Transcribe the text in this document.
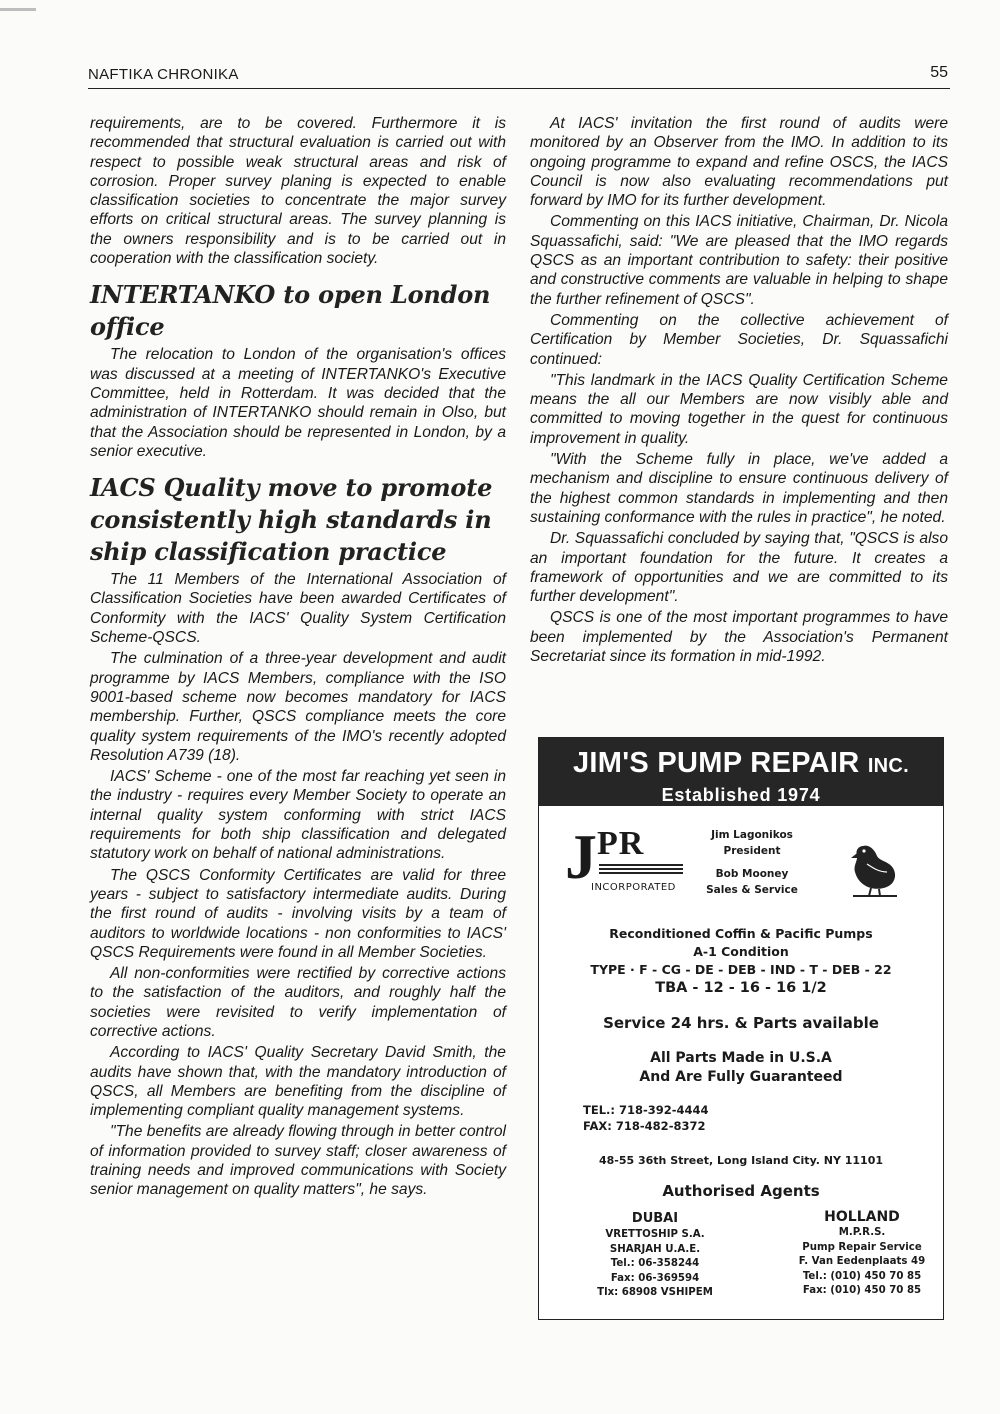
NAFTIKA CHRONIKA	55

requirements, are to be covered. Furthermore it is recommended that structural evaluation is carried out with respect to possible weak structural areas and risk of corrosion. Proper survey planing is expected to enable classification societies to concentrate the major survey efforts on critical structural areas. The survey planning is the owners responsibility and is to be carried out in cooperation with the classification society.

INTERTANKO to open London office

The relocation to London of the organisation's offices was discussed at a meeting of INTERTANKO's Executive Committee, held in Rotterdam. It was decided that the administration of INTERTANKO should remain in Olso, but that the Association should be represented in London, by a senior executive.

IACS Quality move to promote consistently high standards in ship classification practice

The 11 Members of the International Association of Classification Societies have been awarded Certificates of Conformity with the IACS' Quality System Certification Scheme-QSCS.

The culmination of a three-year development and audit programme by IACS Members, compliance with the ISO 9001-based scheme now becomes mandatory for IACS membership. Further, QSCS compliance meets the core quality system requirements of the IMO's recently adopted Resolution A739 (18).

IACS' Scheme - one of the most far reaching yet seen in the industry - requires every Member Society to operate an internal quality system conforming with strict IACS requirements for both ship classification and delegated statutory work on behalf of national administrations.

The QSCS Conformity Certificates are valid for three years - subject to satisfactory intermediate audits. During the first round of audits - involving visits by a team of auditors to worldwide locations - non conformities to IACS' QSCS Requirements were found in all Member Societies.

All non-conformities were rectified by corrective actions to the satisfaction of the auditors, and roughly half the societies were revisited to verify implementation of corrective actions.

According to IACS' Quality Secretary David Smith, the audits have shown that, with the mandatory introduction of QSCS, all Members are benefiting from the discipline of implementing compliant quality management systems.

"The benefits are already flowing through in better control of information provided to survey staff; closer awareness of training needs and improved communications with Society senior management on quality matters", he says.

At IACS' invitation the first round of audits were monitored by an Observer from the IMO. In addition to its ongoing programme to expand and refine OSCS, the IACS Council is now also evaluating recommendations put forward by IMO for its further development.

Commenting on this IACS initiative, Chairman, Dr. Nicola Squassafichi, said: "We are pleased that the IMO regards QSCS as an important contribution to safety: their positive and constructive comments are valuable in helping to shape the further refinement of QSCS".

Commenting on the collective achievement of Certification by Member Societies, Dr. Squassafichi continued:

"This landmark in the IACS Quality Certification Scheme means the all our Members are now visibly able and committed to moving together in the quest for continuous improvement in quality.

"With the Scheme fully in place, we've added a mechanism and discipline to ensure continuous delivery of the highest common standards in implementing and then sustaining conformance with the rules in practice", he noted.

Dr. Squassafichi concluded by saying that, "QSCS is also an important foundation for the future. It creates a framework of opportunities and we are committed to its further development".

QSCS is one of the most important programmes to have been implemented by the Association's Permanent Secretariat since its formation in mid-1992.

JIM'S PUMP REPAIR INC.
Established 1974
J PR
INCORPORATED
Jim Lagonikos
President
Bob Mooney
Sales & Service
Reconditioned Coffin & Pacific Pumps
A-1 Condition
TYPE · F - CG - DE - DEB - IND - T - DEB - 22
TBA - 12 - 16 - 16 1/2
Service 24 hrs. & Parts available
All Parts Made in U.S.A
And Are Fully Guaranteed
TEL.: 718-392-4444
FAX: 718-482-8372
48-55 36th Street, Long Island City. NY 11101
Authorised Agents
DUBAI
VRETTOSHIP S.A.
SHARJAH U.A.E.
Tel.: 06-358244
Fax: 06-369594
Tlx: 68908 VSHIPEM
HOLLAND
M.P.R.S.
Pump Repair Service
F. Van Eedenplaats 49
Tel.: (010) 450 70 85
Fax: (010) 450 70 85
